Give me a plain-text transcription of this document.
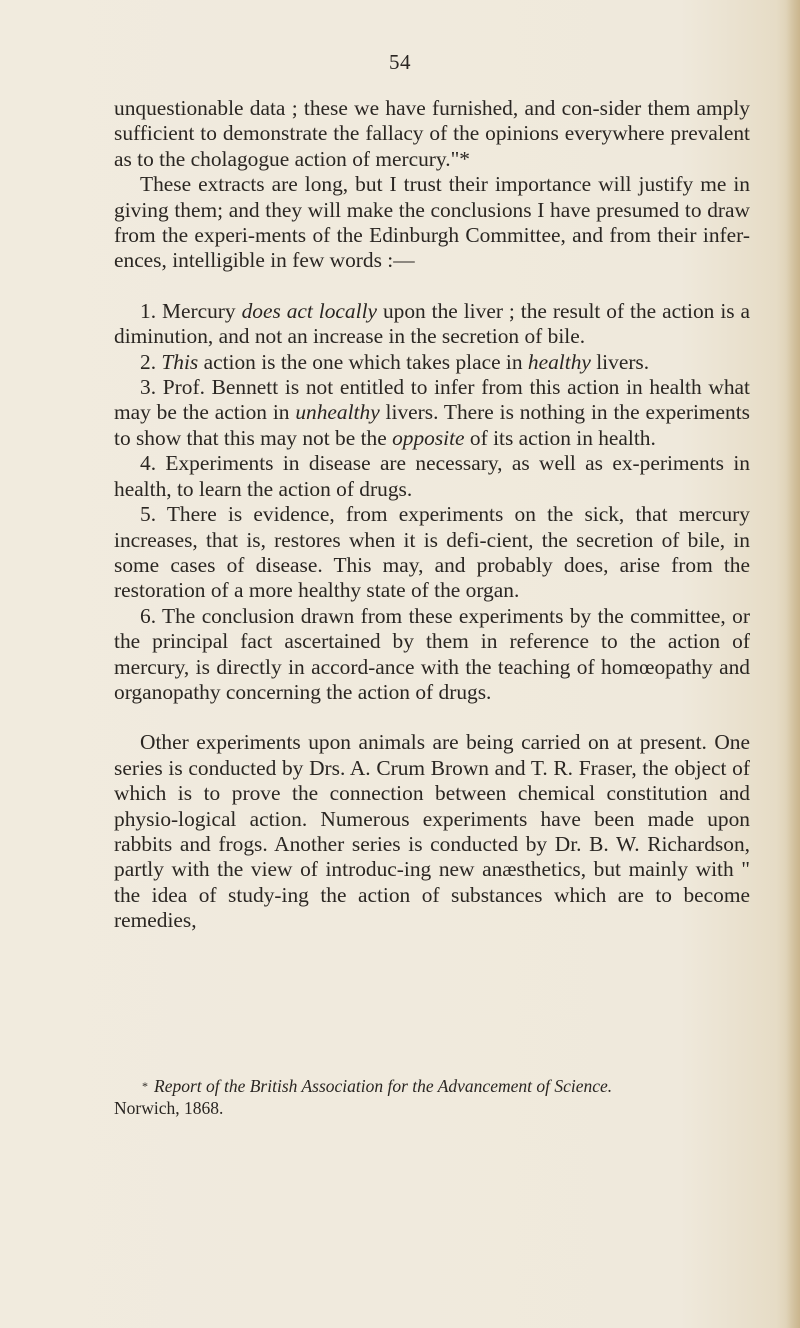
54

unquestionable data ; these we have furnished, and con-sider them amply sufficient to demonstrate the fallacy of the opinions everywhere prevalent as to the cholagogue action of mercury."*

These extracts are long, but I trust their importance will justify me in giving them; and they will make the conclusions I have presumed to draw from the experi-ments of the Edinburgh Committee, and from their infer-ences, intelligible in few words :—

1. Mercury does act locally upon the liver ; the result of the action is a diminution, and not an increase in the secretion of bile.

2. This action is the one which takes place in healthy livers.

3. Prof. Bennett is not entitled to infer from this action in health what may be the action in unhealthy livers. There is nothing in the experiments to show that this may not be the opposite of its action in health.

4. Experiments in disease are necessary, as well as ex-periments in health, to learn the action of drugs.

5. There is evidence, from experiments on the sick, that mercury increases, that is, restores when it is defi-cient, the secretion of bile, in some cases of disease. This may, and probably does, arise from the restoration of a more healthy state of the organ.

6. The conclusion drawn from these experiments by the committee, or the principal fact ascertained by them in reference to the action of mercury, is directly in accord-ance with the teaching of homœopathy and organopathy concerning the action of drugs.

Other experiments upon animals are being carried on at present. One series is conducted by Drs. A. Crum Brown and T. R. Fraser, the object of which is to prove the connection between chemical constitution and physio-logical action. Numerous experiments have been made upon rabbits and frogs. Another series is conducted by Dr. B. W. Richardson, partly with the view of introduc-ing new anæsthetics, but mainly with " the idea of study-ing the action of substances which are to become remedies,

* Report of the British Association for the Advancement of Science.
Norwich, 1868.
